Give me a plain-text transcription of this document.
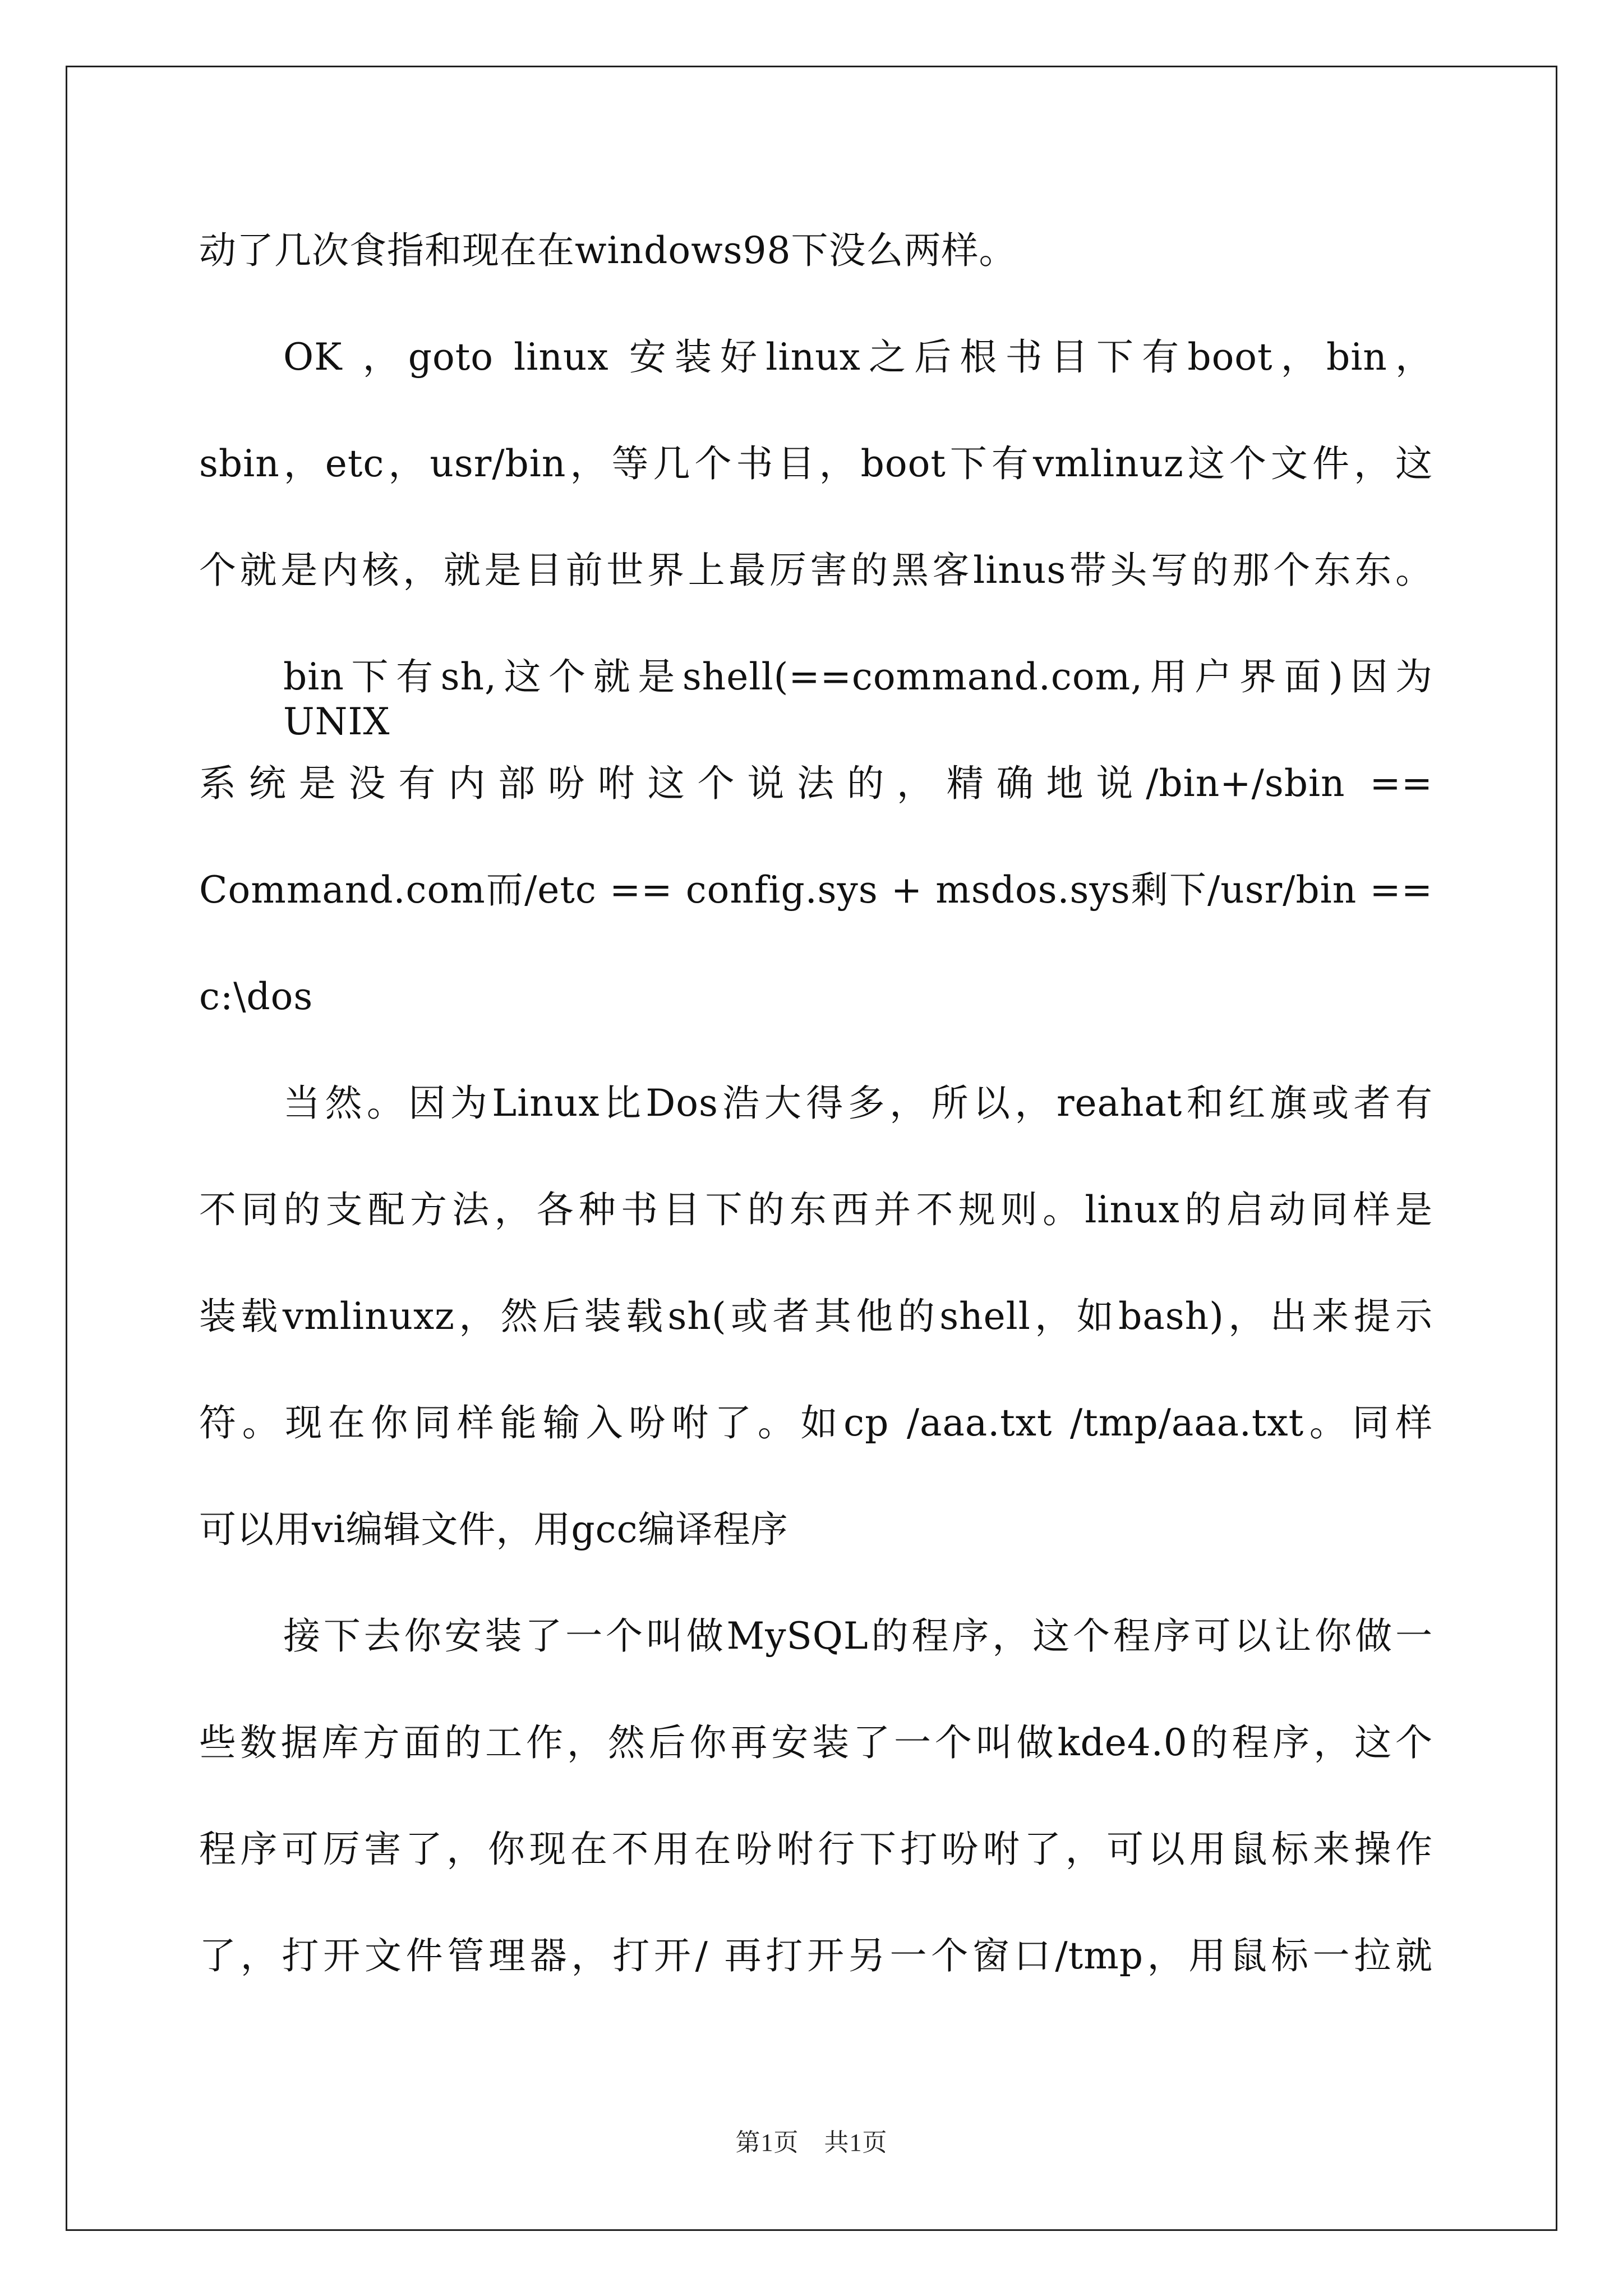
动了几次食指和现在在windows98下没么两样。
OK ，goto linux 安装好linux之后根书目下有boot，bin，
sbin，etc，usr/bin，等几个书目，boot下有vmlinuz这个文件，这
个就是内核，就是目前世界上最厉害的黑客linus带头写的那个东东。
bin下有sh,这个就是shell(==command.com,用户界面)因为UNIX
系统是没有内部吩咐这个说法的，精确地说/bin+/sbin ==
Command.com而/etc == config.sys + msdos.sys剩下/usr/bin ==
c:\dos
当然。因为Linux比Dos浩大得多，所以，reahat和红旗或者有
不同的支配方法，各种书目下的东西并不规则。linux的启动同样是
装载vmlinuxz，然后装载sh(或者其他的shell，如bash)，出来提示
符。现在你同样能输入吩咐了。如cp /aaa.txt /tmp/aaa.txt。同样
可以用vi编辑文件，用gcc编译程序
接下去你安装了一个叫做MySQL的程序，这个程序可以让你做一
些数据库方面的工作，然后你再安装了一个叫做kde4.0的程序，这个
程序可厉害了，你现在不用在吩咐行下打吩咐了，可以用鼠标来操作
了，打开文件管理器，打开/ 再打开另一个窗口/tmp，用鼠标一拉就
第1页　共1页
